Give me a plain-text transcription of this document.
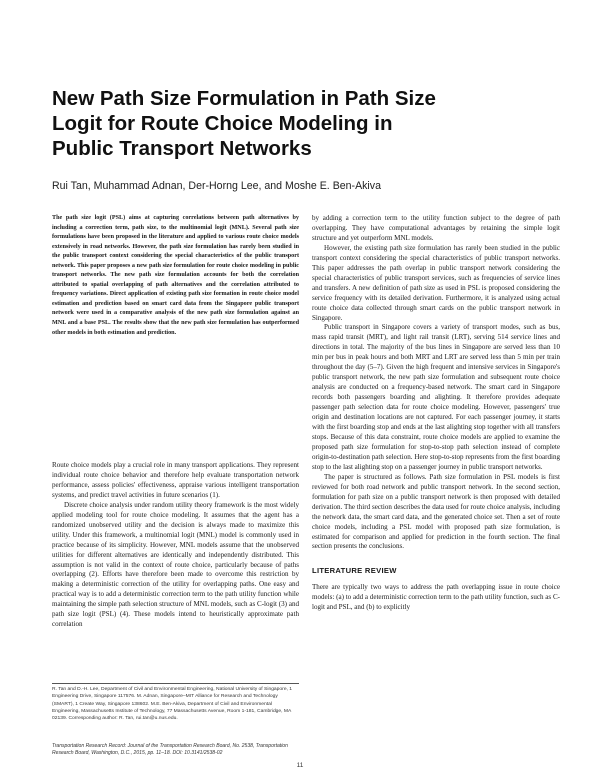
New Path Size Formulation in Path Size
Logit for Route Choice Modeling in
Public Transport Networks
Rui Tan, Muhammad Adnan, Der-Horng Lee, and Moshe E. Ben-Akiva

The path size logit (PSL) aims at capturing correlations between path alternatives by including a correction term, path size, to the multinomial logit (MNL). Several path size formulations have been proposed in the literature and applied to various route choice models extensively in road networks. However, the path size formulation has rarely been studied in the public transport context considering the special characteristics of the public transport network. This paper proposes a new path size formulation for route choice modeling in public transport networks. The new path size formulation accounts for both the correlation attributed to spatial overlapping of path alternatives and the correlation attributed to frequency variations. Direct application of existing path size formation in route choice model estimation and prediction based on smart card data from the Singapore public transport network were used in a comparative analysis of the new path size formulation against an MNL and a base PSL. The results show that the new path size formulation has outperformed other models in both estimation and prediction.

Route choice models play a crucial role in many transport applications. They represent individual route choice behavior and therefore help evaluate transportation network performance, assess policies' effectiveness, appraise various intelligent transportation systems, and predict travel activities in future scenarios (1).

Discrete choice analysis under random utility theory framework is the most widely applied modeling tool for route choice modeling. It assumes that the agent has a randomized unobserved utility and the decision is always made to maximize this utility. Under this framework, a multinomial logit (MNL) model is commonly used in practice because of its simplicity. However, MNL models assume that the unobserved utilities for different alternatives are identically and independently distributed. This assumption is not valid in the context of route choice, particularly because of paths overlapping (2). Efforts have therefore been made to overcome this restriction by making a deterministic correction of the utility for overlapping paths. One easy and practical way is to add a deterministic correction term to the path utility function while maintaining the simple path selection structure of MNL models, such as C-logit (3) and path size logit (PSL) (4). These models intend to heuristically approximate path correlation

R. Tan and D.-H. Lee, Department of Civil and Environmental Engineering, National University of Singapore, 1 Engineering Drive, Singapore 117576. M. Adnan, Singapore–MIT Alliance for Research and Technology (SMART), 1 Create Way, Singapore 138602. M.E. Ben-Akiva, Department of Civil and Environmental Engineering, Massachusetts Institute of Technology, 77 Massachusetts Avenue, Room 1-181, Cambridge, MA 02139. Corresponding author: R. Tan, rui.tan@u.nus.edu.
Transportation Research Record: Journal of the Transportation Research Board, No. 2538, Transportation Research Board, Washington, D.C., 2015, pp. 11–18. DOI: 10.3141/2538-02

by adding a correction term to the utility function subject to the degree of path overlapping. They have computational advantages by retaining the simple logit structure and yet outperform MNL models.

However, the existing path size formulation has rarely been studied in the public transport context considering the special characteristics of public transport networks. This paper addresses the path overlap in public transport network considering the special characteristics of public transport services, such as frequencies of service lines and transfers. A new definition of path size as used in PSL is proposed considering the service frequency with its detailed derivation. Furthermore, it is analyzed using actual route choice data collected through smart cards on the public transport network in Singapore.

Public transport in Singapore covers a variety of transport modes, such as bus, mass rapid transit (MRT), and light rail transit (LRT), serving 514 service lines and directions in total. The majority of the bus lines in Singapore are served less than 10 min per bus in peak hours and both MRT and LRT are served less than 5 min per train throughout the day (5–7). Given the high frequent and intensive services in Singapore's public transport network, the new path size formulation and subsequent route choice analysis are conducted on a frequency-based network. The smart card in Singapore records both passengers boarding and alighting. It therefore provides adequate passenger path selection data for route choice modeling. However, passengers' true origin and destination locations are not captured. For each passenger journey, it starts with the first boarding stop and ends at the last alighting stop together with all transfers stops. Because of this data constraint, route choice models are applied to examine the proposed path size formulation for stop-to-stop path selection instead of complete origin-to-destination path selection. Here stop-to-stop represents from the first boarding stop to the last alighting stop on a passenger journey in public transport networks.

The paper is structured as follows. Path size formulation in PSL models is first reviewed for both road network and public transport network. In the second section, formulation for path size on a public transport network is then proposed with detailed derivation. The third section describes the data used for route choice analysis, including the network data, the smart card data, and the generated choice set. Then a set of route choice models, including a PSL model with proposed path size formulation, is estimated for comparison and applied for prediction in the fourth section. The final section presents the conclusions.

LITERATURE REVIEW

There are typically two ways to address the path overlapping issue in route choice models: (a) to add a deterministic correction term to the path utility function, such as C-logit and PSL, and (b) to explicitly

11
